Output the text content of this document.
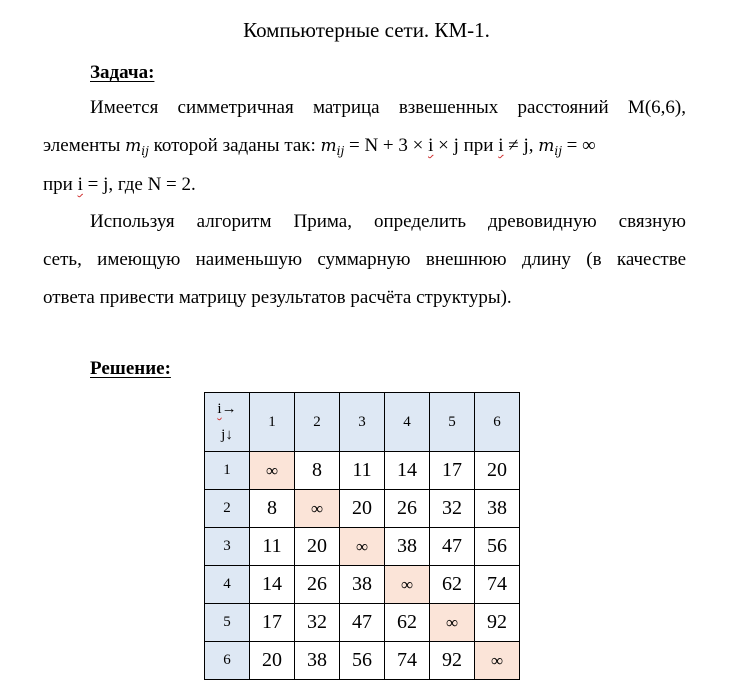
Компьютерные сети. КМ-1.
Задача:
Имеется симметричная матрица взвешенных расстояний M(6,6),
элементы $m_{ij}$ которой заданы так: $m_{ij} = N + 3 \times i \times j$ при i ≠ j, $m_{ij}$ = ∞
при i = j, где N = 2.
Используя алгоритм Прима, определить древовидную связную
сеть, имеющую наименьшую суммарную внешнюю длину (в качестве
ответа привести матрицу результатов расчёта структуры).
Решение:
i→
j↓	1	2	3	4	5	6
1	∞	8	11	14	17	20
2	8	∞	20	26	32	38
3	11	20	∞	38	47	56
4	14	26	38	∞	62	74
5	17	32	47	62	∞	92
6	20	38	56	74	92	∞
